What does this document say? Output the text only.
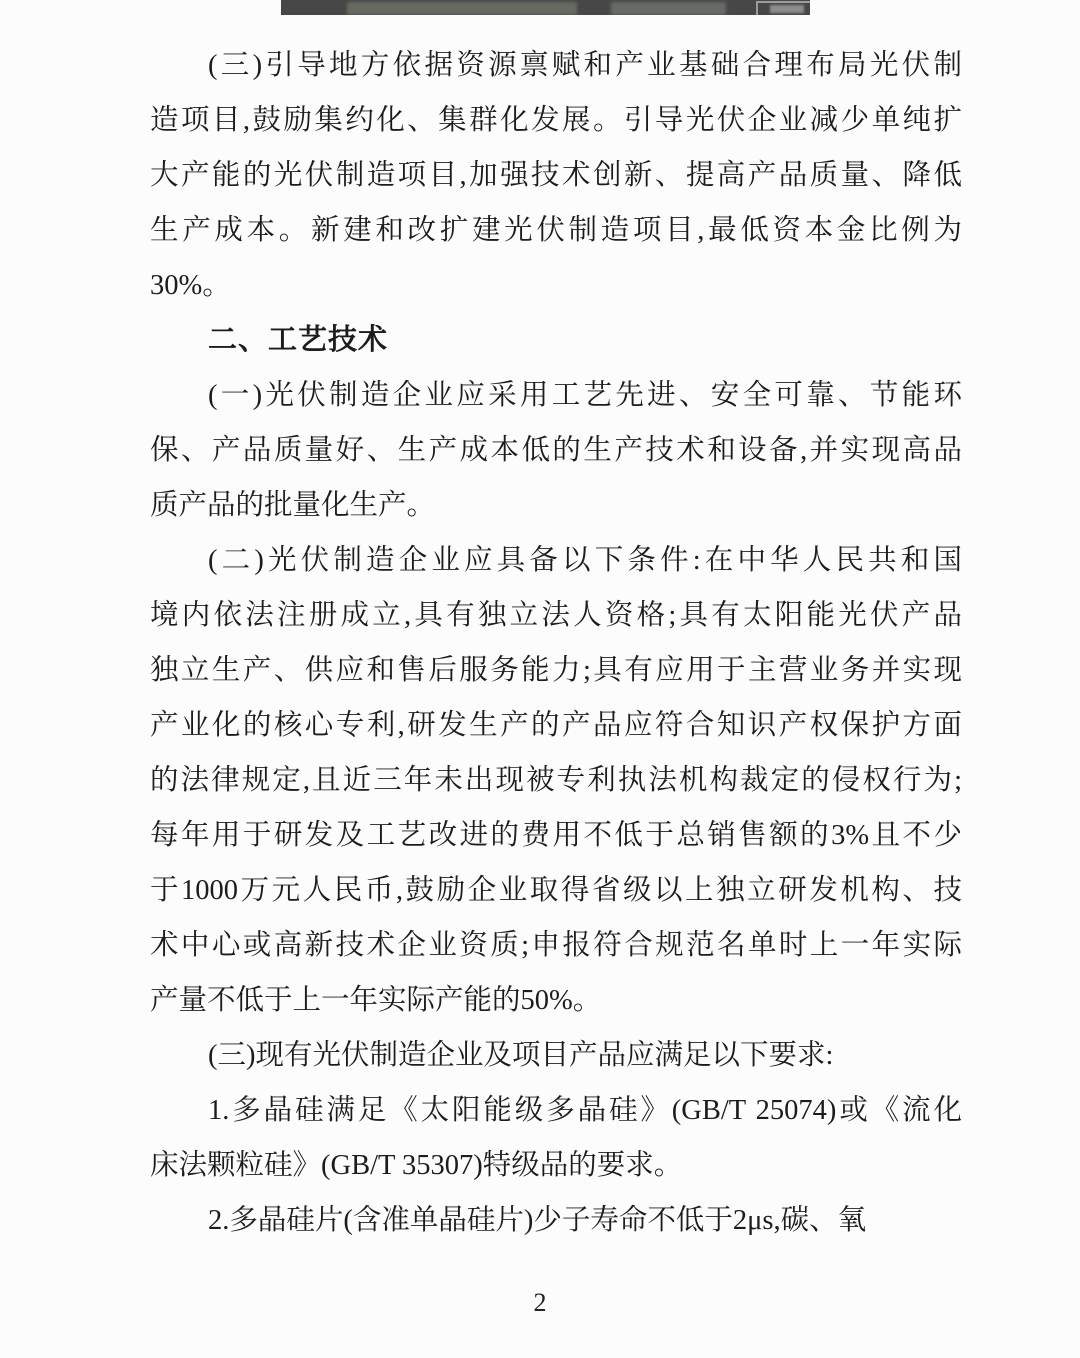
(三)引导地方依据资源禀赋和产业基础合理布局光伏制
造项目,鼓励集约化、集群化发展。引导光伏企业减少单纯扩
大产能的光伏制造项目,加强技术创新、提高产品质量、降低
生产成本。新建和改扩建光伏制造项目,最低资本金比例为
30%。
二、工艺技术
(一)光伏制造企业应采用工艺先进、安全可靠、节能环
保、产品质量好、生产成本低的生产技术和设备,并实现高品
质产品的批量化生产。
(二)光伏制造企业应具备以下条件:在中华人民共和国
境内依法注册成立,具有独立法人资格;具有太阳能光伏产品
独立生产、供应和售后服务能力;具有应用于主营业务并实现
产业化的核心专利,研发生产的产品应符合知识产权保护方面
的法律规定,且近三年未出现被专利执法机构裁定的侵权行为;
每年用于研发及工艺改进的费用不低于总销售额的3%且不少
于1000万元人民币,鼓励企业取得省级以上独立研发机构、技
术中心或高新技术企业资质;申报符合规范名单时上一年实际
产量不低于上一年实际产能的50%。
(三)现有光伏制造企业及项目产品应满足以下要求:
1.多晶硅满足《太阳能级多晶硅》(GB/T 25074)或《流化
床法颗粒硅》(GB/T 35307)特级品的要求。
2.多晶硅片(含准单晶硅片)少子寿命不低于2μs,碳、氧
2
